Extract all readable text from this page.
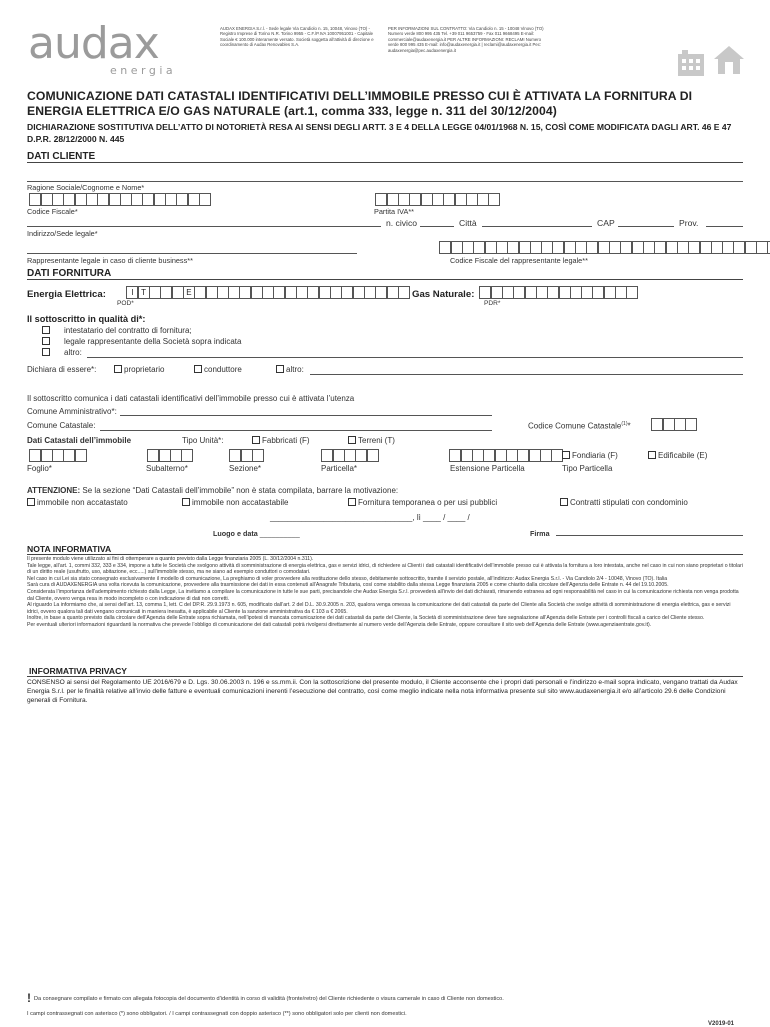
audax
energia
AUDAX ENERGIA S.r.l. - Sede legale Via Candiolo n. 15, 10048, Vinovo (TO) - Registro Imprese di Torino N.R. Torino 9955 - C.F./P.IVA 10007951001 - Capitale Sociale € 100.000 interamente versato. Società soggetta all’attività di direzione e coordinamento di Audax Renovables S.A.
PER INFORMAZIONI SUL CONTRATTO: Via Candiolo n. 15 - 10048 Vinovo (TO) Numero verde 800 995 435 Tel. +39 011 9653759 - Fax 011 9668495 E-mail: commerciale@audaxenergia.it PER ALTRE INFORMAZIONI: RECLAMI Numero verde 800 995 435 E-mail: info@audaxenergia.it | reclami@audaxenergia.it Pec: audaxenergia@pec.audaxenergia.it
COMUNICAZIONE DATI CATASTALI IDENTIFICATIVI DELL’IMMOBILE PRESSO CUI È ATTIVATA LA FORNITURA DI ENERGIA ELETTRICA E/O GAS NATURALE (art.1, comma 333, legge n. 311 del 30/12/2004)
DICHIARAZIONE SOSTITUTIVA DELL’ATTO DI NOTORIETÀ RESA AI SENSI DEGLI ARTT. 3 E 4 DELLA LEGGE 04/01/1968 N. 15, COSÌ COME MODIFICATA DAGLI ART. 46 E 47 D.P.R. 28/12/2000 N. 445
DATI CLIENTE
Ragione Sociale/Cognome e Nome*
Codice Fiscale*	Partita IVA**
n. civico	Città	CAP	Prov.
Indirizzo/Sede legale*
Rappresentante legale in caso di cliente business**	Codice Fiscale del rappresentante legale**
DATI FORNITURA
Energia Elettrica:	I T	E
POD*
Gas Naturale:
PDR*
Il sottoscritto in qualità di*:
intestatario del contratto di fornitura;
legale rappresentante della Società sopra indicata
altro:
Dichiara di essere*:	proprietario	conduttore	altro:
Il sottoscritto comunica i dati catastali identificativi dell’immobile presso cui è attivata l’utenza
Comune Amministrativo*:
Comune Catastale:	Codice Comune Catastale$^{(1)}$*
Dati Catastali dell’immobile	Tipo Unità*:	Fabbricati (F)	Terreni (T)
Fondiaria (F)	Edificabile (E)
Foglio*	Subalterno*	Sezione*	Particella*	Estensione Particella	Tipo Particella
ATTENZIONE: Se la sezione “Dati Catastali dell’immobile” non è stata compilata, barrare la motivazione:
immobile non accatastato	immobile non accatastabile	Fornitura temporanea o per usi pubblici	Contratti stipulati con condominio
________________________________, lì ____ / ____ /
Luogo e data __________	Firma
NOTA INFORMATIVA
Il presente modulo viene utilizzato ai fini di ottemperare a quanto previsto dalla Legge finanziaria 2005 (L. 30/12/2004 n.311).
Tale legge, all’art. 1, commi 332, 333 e 334, impone a tutte le Società che svolgono attività di somministrazione di energia elettrica, gas e servizi idrici, di richiedere ai Clienti i dati catastali identificativi dell’immobile presso cui è attivata la fornitura a loro intestata, anche nel caso in cui non siano proprietari o titolari di un diritto reale (usufrutto, uso, abitazione, ecc.....) sull’immobile stesso, ma ne siano ad esempio conduttori o comodatari.
Nel caso in cui Lei sia stato consegnato esclusivamente il modello di comunicazione, La preghiamo di voler provvedere alla restituzione dello stesso, debitamente sottoscritto, tramite il servizio postale, all’indirizzo: Audax Energia S.r.l. - Via Candiolo 2/4 - 10048, Vinovo (TO). Italia
Sarà cura di AUDAXENERGIA una volta ricevuta la comunicazione, provvedere alla trasmissione dei dati in essa contenuti all’Anagrafe Tributaria, così come stabilito dalla stessa Legge finanziaria 2005 e come chiarito dalla circolare dell’Agenzia delle Entrate n. 44 del 19.10.2005.
Considerata l’importanza dell’adempimento richiesto dalla Legge, La invitiamo a compilare la comunicazione in tutte le sue parti, precisandole che Audax Energia S.r.l. provvederà all’invio dei dati dichiarati, rimanendo estranea ad ogni responsabilità nel caso in cui la comunicazione richiesta non venga prodotta dal Cliente, ovvero venga resa in modo incompleto o con indicazione di dati non corretti.
Al riguardo La informiamo che, ai sensi dell’art. 13, comma 1, lett. C del DP.R. 29.9.1973 n. 605, modificato dall’art. 2 del D.L. 30.9.2005 n. 203, qualora venga omessa la comunicazione dei dati catastali da parte del Cliente alla Società che svolge attività di somministrazione di energia elettrica, gas e servizi idrici, ovvero qualora tali dati vengano comunicati in maniera inesatta, è applicabile al Cliente la sanzione amministrativa da € 103 a € 2065.
Inoltre, in base a quanto previsto dalla circolare dell’Agenzia delle Entrate sopra richiamata, nell’ipotesi di mancata comunicazione dei dati catastali da parte del Cliente, la Società di somministrazione deve fare segnalazione all’Agenzia delle Entrate per i controlli fiscali a carico del Cliente stesso.
Per eventuali ulteriori informazioni riguardanti la normativa che prevede l’obbligo di comunicazione dei dati catastali potrà rivolgersi direttamente al numero verde dell’Agenzia delle Entrate, oppure consultare il sito web dell’Agenzia delle Entrate (www.agenziaentrate.gov.it).
INFORMATIVA PRIVACY
CONSENSO ai sensi del Regolamento UE 2016/679 e D. Lgs. 30.06.2003 n. 196 e ss.mm.ii. Con la sottoscrizione del presente modulo, il Cliente acconsente che i propri dati personali e l’indirizzo e-mail sopra indicato, vengano trattati da Audax Energia S.r.l. per le finalità relative all’invio delle fatture e eventuali comunicazioni inerenti l’esecuzione del contratto, così come meglio indicate nella nota informativa presente sul sito www.audaxenergia.it e/o all’articolo 29.6 delle Condizioni generali di Fornitura.
! Da consegnare compilato e firmato con allegata fotocopia del documento d’identità in corso di validità (fronte/retro) del Cliente richiedente o visura camerale in caso di Cliente non domestico.
I campi contrassegnati con asterisco (*) sono obbligatori. / I campi contrassegnati con doppio asterisco (**) sono obbligatori solo per clienti non domestici.
V2019-01
